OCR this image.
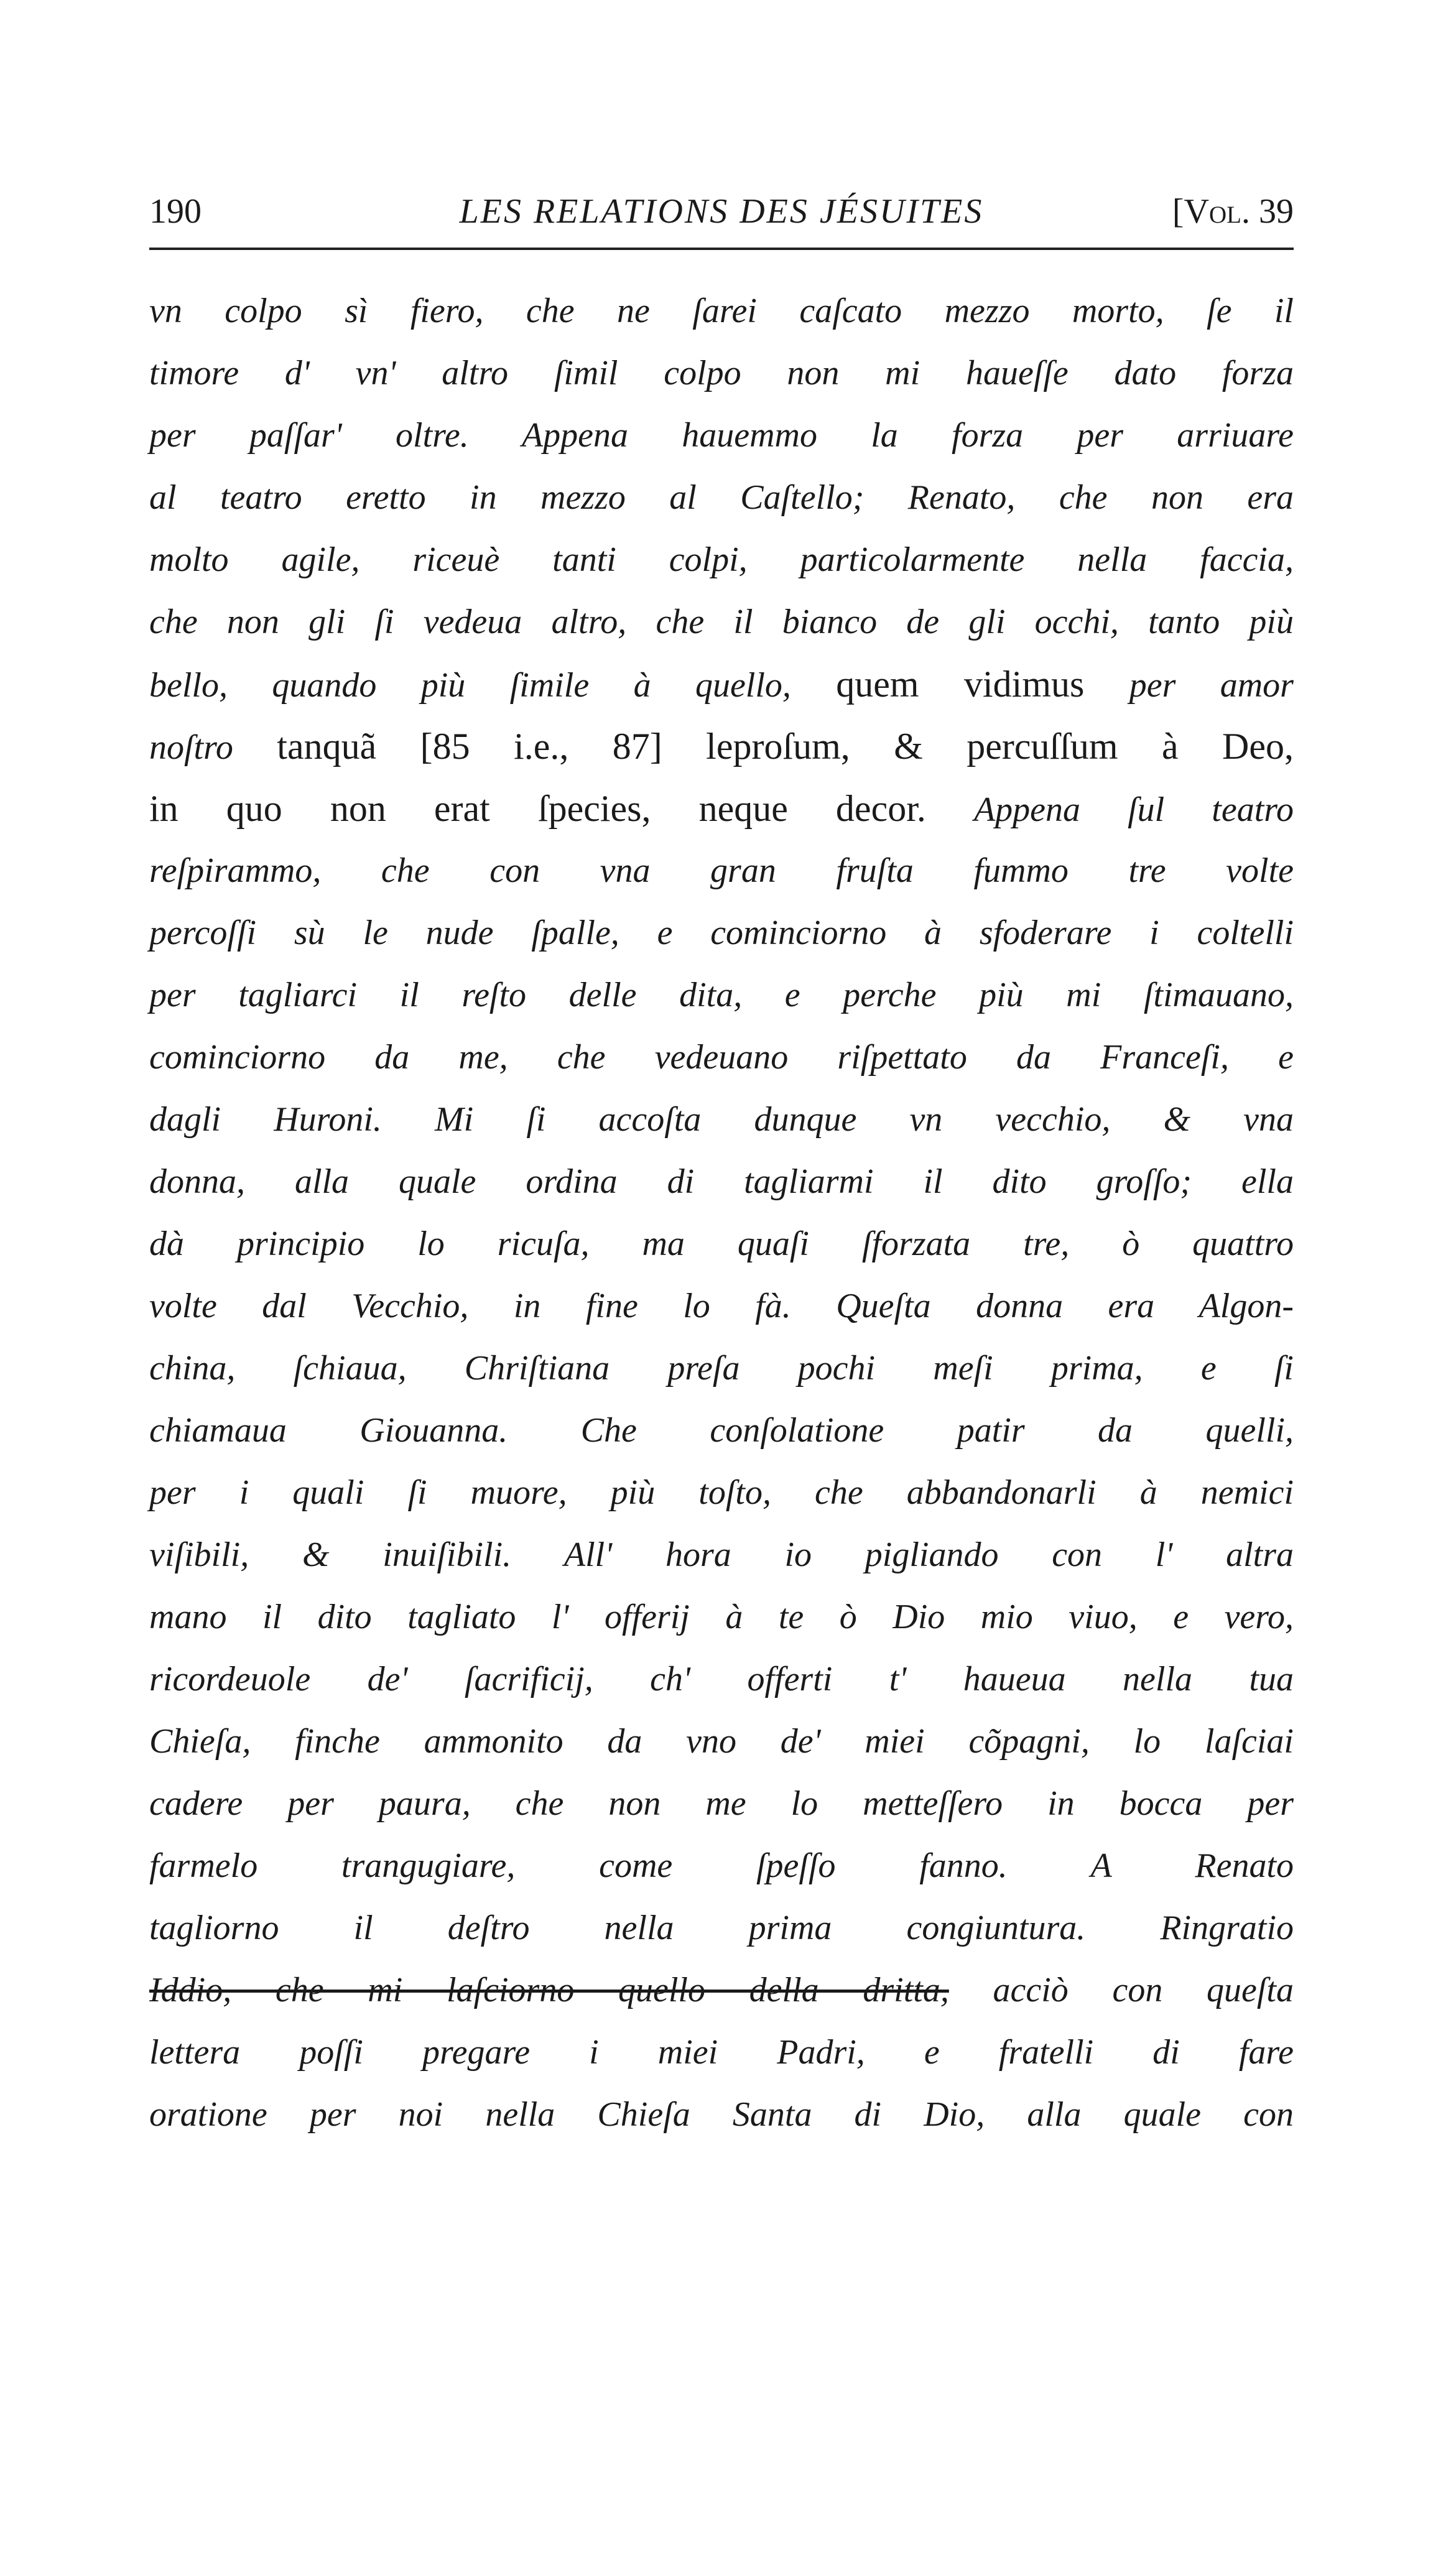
190	LES RELATIONS DES JÉSUITES	[Vol. 39
vn colpo sì fiero, che ne ſarei caſcato mezzo morto, ſe il
timore d' vn' altro ſimil colpo non mi haueſſe dato forza
per paſſar' oltre. Appena hauemmo la forza per arriuare
al teatro eretto in mezzo al Caſtello; Renato, che non era
molto agile, riceuè tanti colpi, particolarmente nella faccia,
che non gli ſi vedeua altro, che il bianco de gli occhi, tanto più
bello, quando più ſimile à quello, quem vidimus per amor
noſtro tanquã [85 i.e., 87] leproſum, & percuſſum à Deo,
in quo non erat ſpecies, neque decor. Appena ſul teatro
reſpirammo, che con vna gran fruſta fummo tre volte
percoſſi sù le nude ſpalle, e cominciorno à sfoderare i coltelli
per tagliarci il reſto delle dita, e perche più mi ſtimauano,
cominciorno da me, che vedeuano riſpettato da Franceſi, e
dagli Huroni. Mi ſi accoſta dunque vn vecchio, & vna
donna, alla quale ordina di tagliarmi il dito groſſo; ella
dà principio lo ricuſa, ma quaſi ſforzata tre, ò quattro
volte dal Vecchio, in fine lo fà. Queſta donna era Algon-
china, ſchiaua, Chriſtiana preſa pochi meſi prima, e ſi
chiamaua Giouanna. Che conſolatione patir da quelli,
per i quali ſi muore, più toſto, che abbandonarli à nemici
viſibili, & inuiſibili. All' hora io pigliando con l' altra
mano il dito tagliato l' offerij à te ò Dio mio viuo, e vero,
ricordeuole de' ſacrificij, ch' offerti t' haueua nella tua
Chieſa, finche ammonito da vno de' miei cõpagni, lo laſciai
cadere per paura, che non me lo metteſſero in bocca per
farmelo trangugiare, come ſpeſſo fanno. A Renato
tagliorno il deſtro nella prima congiuntura. Ringratio
Iddio, che mi laſciorno quello della dritta, acciò con queſta
lettera poſſi pregare i miei Padri, e fratelli di fare
oratione per noi nella Chieſa Santa di Dio, alla quale con
